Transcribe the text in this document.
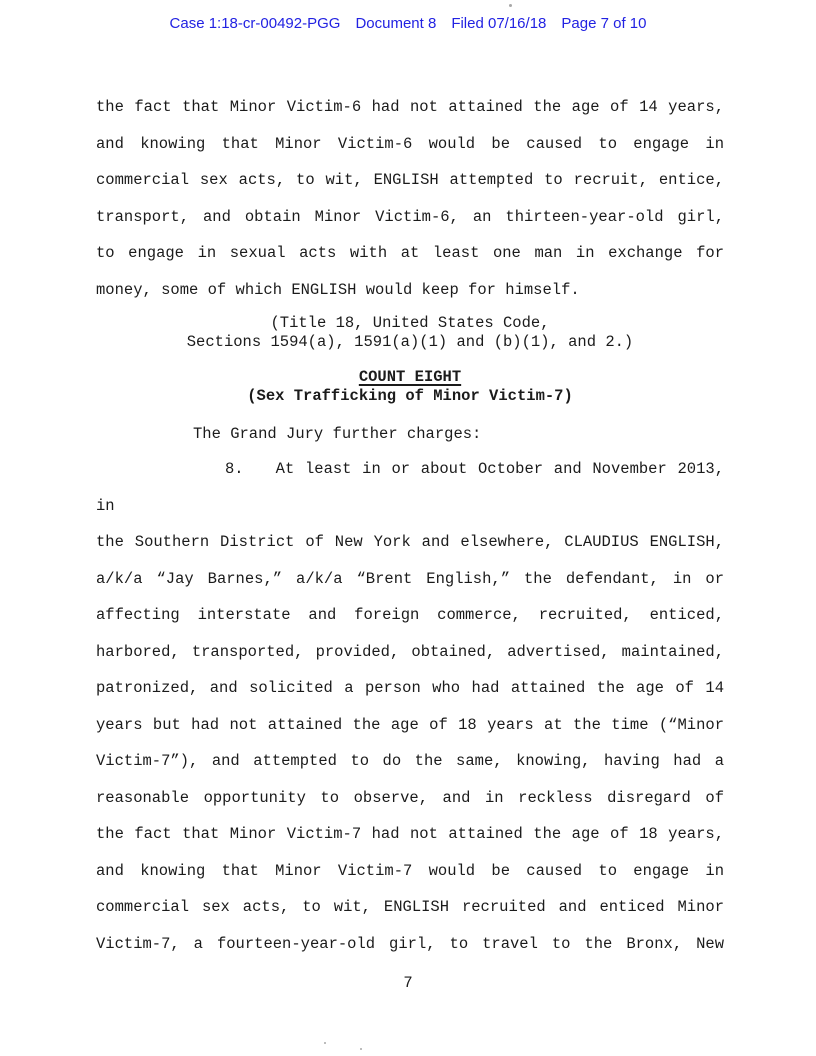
Case 1:18-cr-00492-PGG Document 8 Filed 07/16/18 Page 7 of 10
the fact that Minor Victim-6 had not attained the age of 14 years,
and knowing that Minor Victim-6 would be caused to engage in
commercial sex acts, to wit, ENGLISH attempted to recruit, entice,
transport, and obtain Minor Victim-6, an thirteen-year-old girl,
to engage in sexual acts with at least one man in exchange for
money, some of which ENGLISH would keep for himself.
(Title 18, United States Code,
Sections 1594(a), 1591(a)(1) and (b)(1), and 2.)
COUNT EIGHT
(Sex Trafficking of Minor Victim-7)
The Grand Jury further charges:
8.   At least in or about October and November 2013, in
the Southern District of New York and elsewhere, CLAUDIUS ENGLISH,
a/k/a “Jay Barnes,” a/k/a “Brent English,” the defendant, in or
affecting interstate and foreign commerce, recruited, enticed,
harbored, transported, provided, obtained, advertised, maintained,
patronized, and solicited a person who had attained the age of 14
years but had not attained the age of 18 years at the time (“Minor
Victim-7”), and attempted to do the same, knowing, having had a
reasonable opportunity to observe, and in reckless disregard of
the fact that Minor Victim-7 had not attained the age of 18 years,
and knowing that Minor Victim-7 would be caused to engage in
commercial sex acts, to wit, ENGLISH recruited and enticed Minor
Victim-7, a fourteen-year-old girl, to travel to the Bronx, New
7
